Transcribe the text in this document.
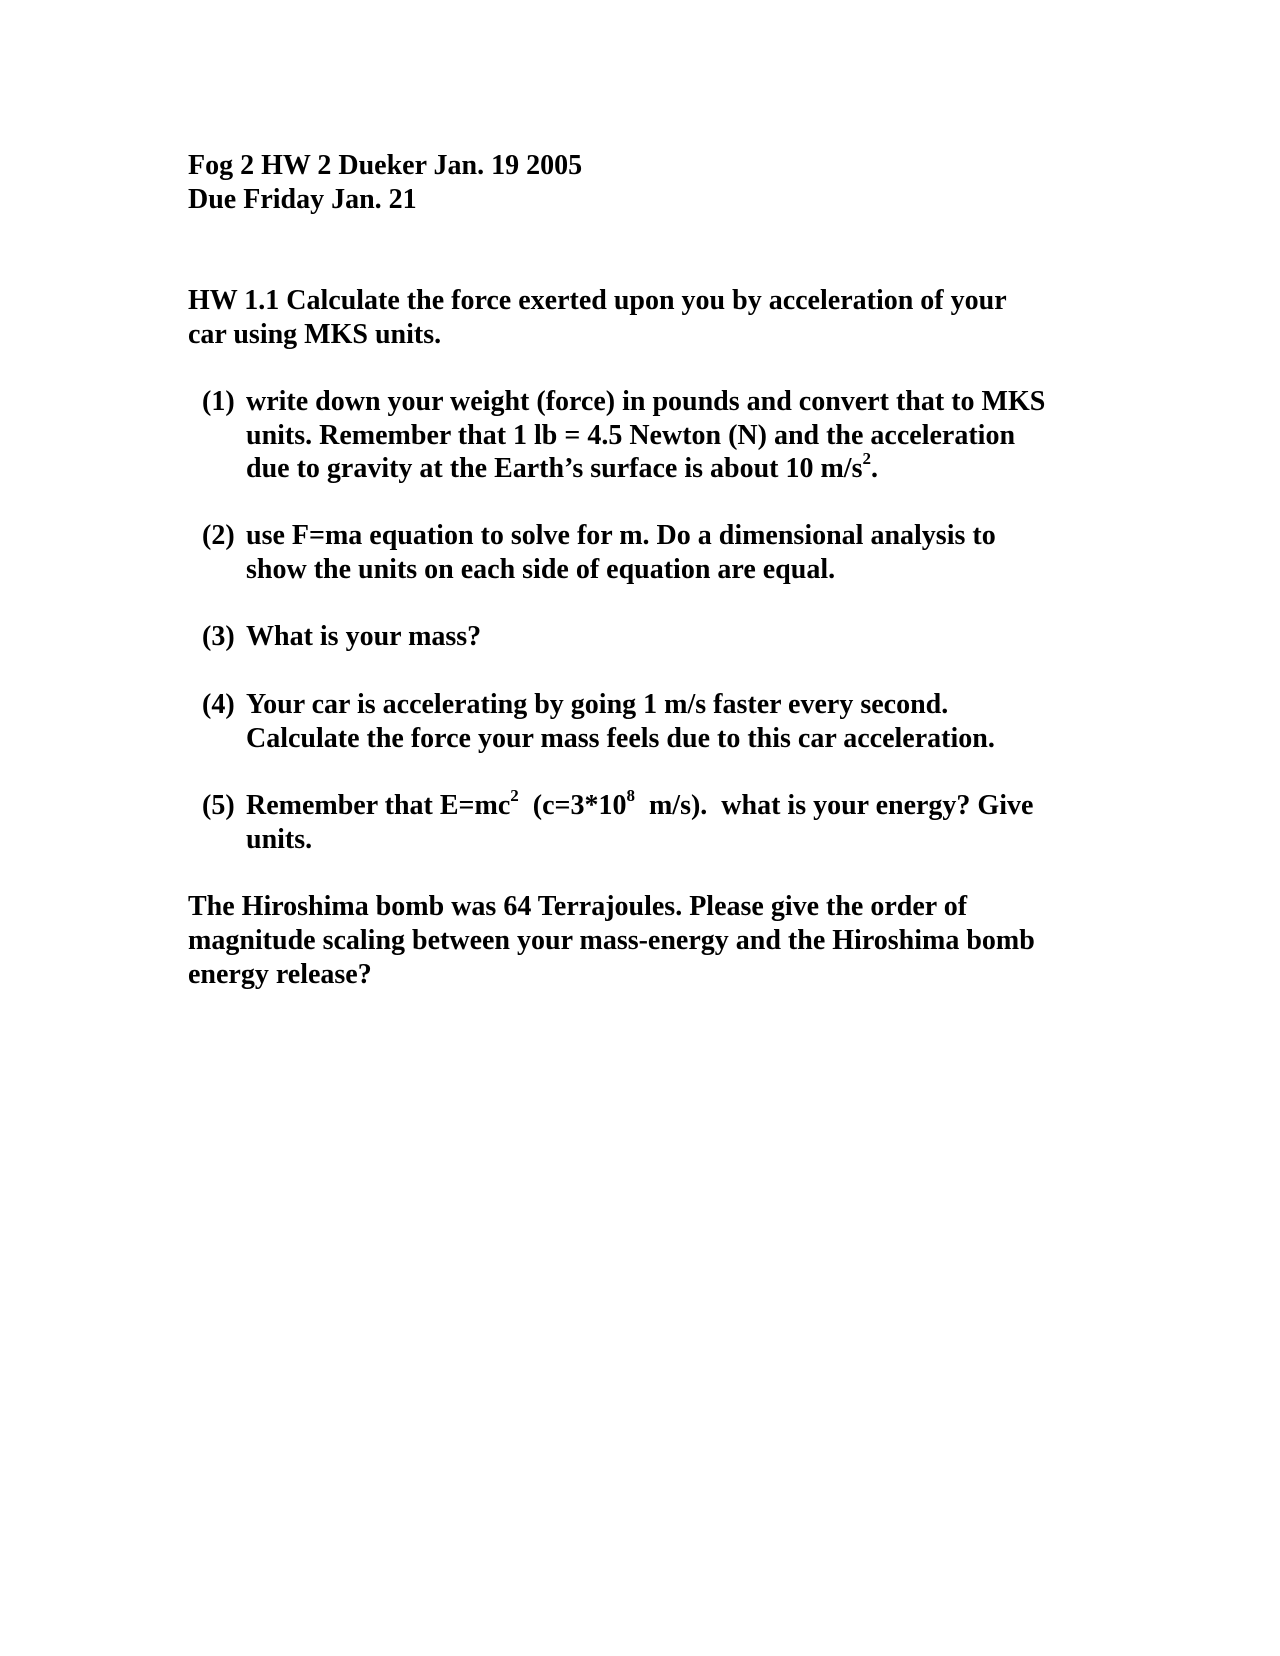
Fog 2 HW 2 Dueker Jan. 19 2005
Due Friday Jan. 21
HW 1.1 Calculate the force exerted upon you by acceleration of your
car using MKS units.
(1) write down your weight (force) in pounds and convert that to MKS
units. Remember that 1 lb = 4.5 Newton (N) and the acceleration
due to gravity at the Earth’s surface is about 10 $m/s^2$.
(2) use F=ma equation to solve for m. Do a dimensional analysis to
show the units on each side of equation are equal.
(3) What is your mass?
(4) Your car is accelerating by going 1 m/s faster every second.
Calculate the force your mass feels due to this car acceleration.
(5) Remember that $E=mc^2$  ($c=3*10^8$  m/s).  what is your energy? Give
units.
The Hiroshima bomb was 64 Terrajoules. Please give the order of
magnitude scaling between your mass-energy and the Hiroshima bomb
energy release?
